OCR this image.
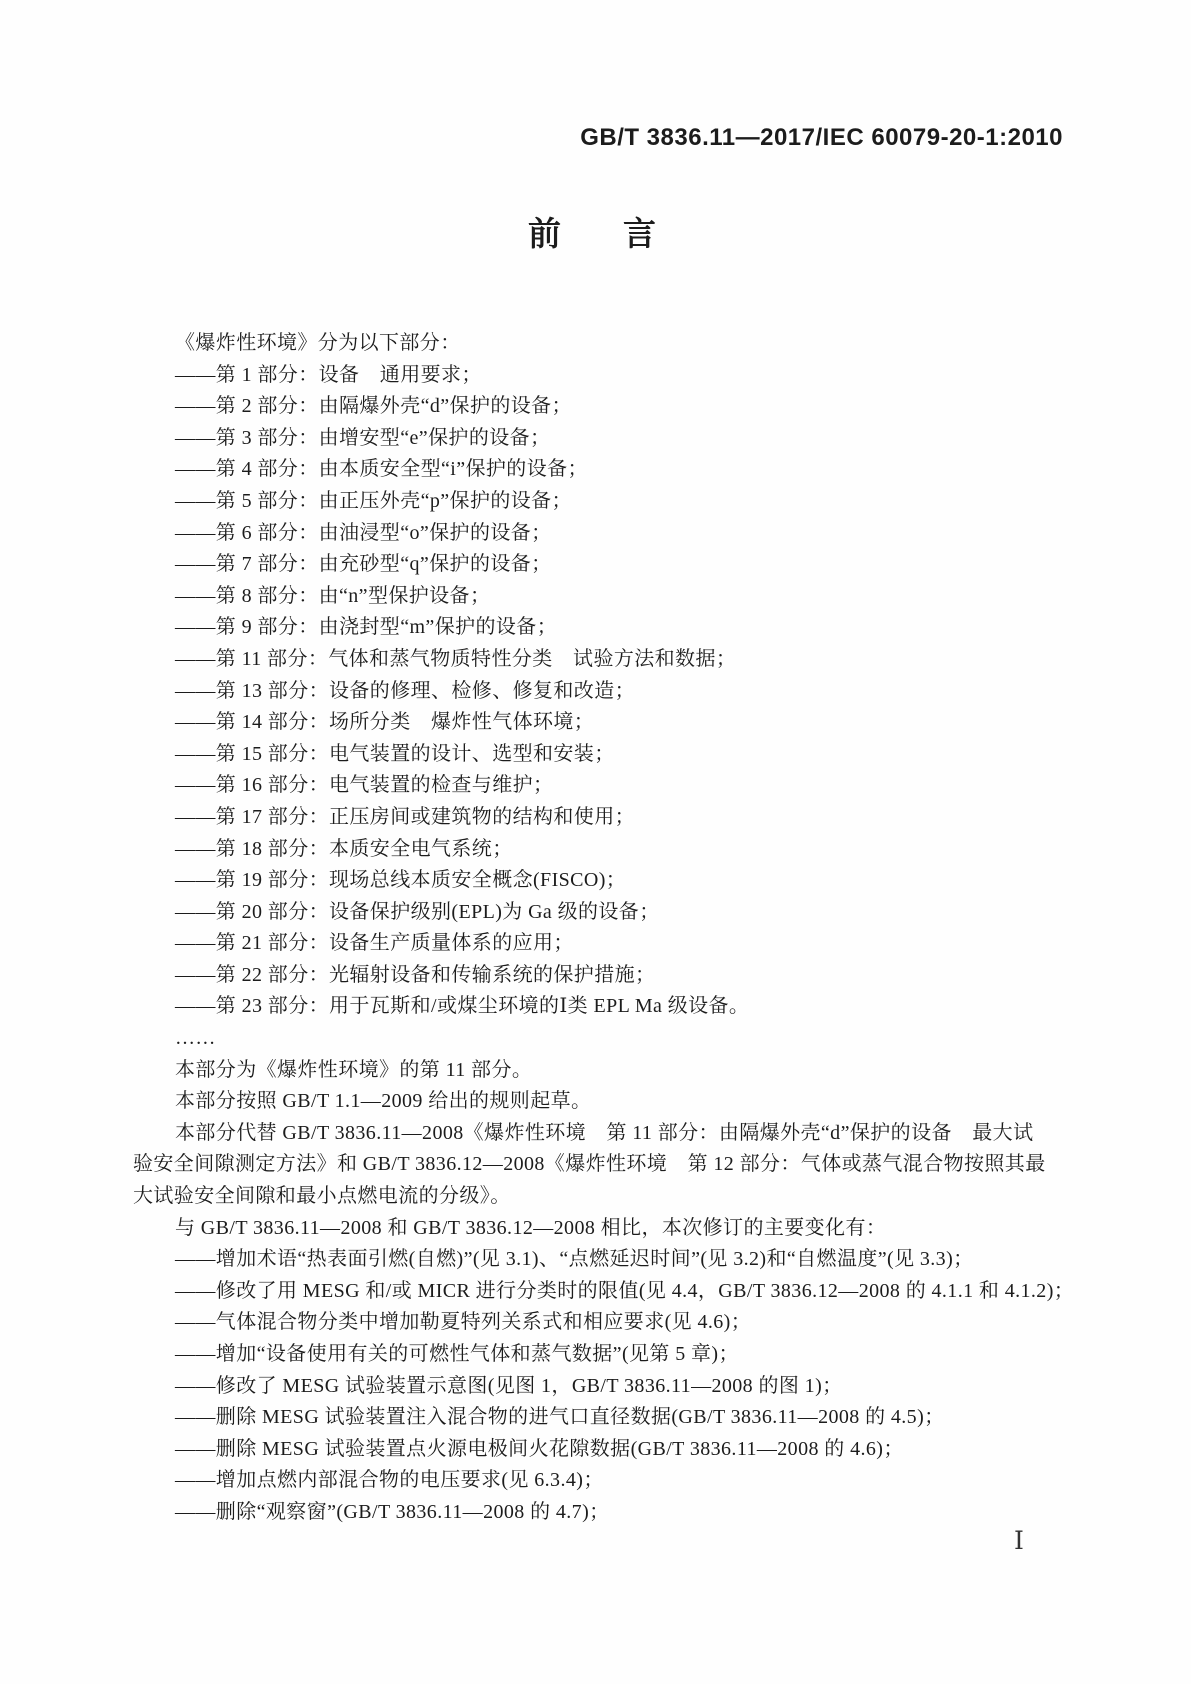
GB/T 3836.11—2017/IEC 60079-20-1:2010
前 言
《爆炸性环境》分为以下部分：
——第 1 部分：设备　通用要求；
——第 2 部分：由隔爆外壳“d”保护的设备；
——第 3 部分：由增安型“e”保护的设备；
——第 4 部分：由本质安全型“i”保护的设备；
——第 5 部分：由正压外壳“p”保护的设备；
——第 6 部分：由油浸型“o”保护的设备；
——第 7 部分：由充砂型“q”保护的设备；
——第 8 部分：由“n”型保护设备；
——第 9 部分：由浇封型“m”保护的设备；
——第 11 部分：气体和蒸气物质特性分类　试验方法和数据；
——第 13 部分：设备的修理、检修、修复和改造；
——第 14 部分：场所分类　爆炸性气体环境；
——第 15 部分：电气装置的设计、选型和安装；
——第 16 部分：电气装置的检查与维护；
——第 17 部分：正压房间或建筑物的结构和使用；
——第 18 部分：本质安全电气系统；
——第 19 部分：现场总线本质安全概念(FISCO)；
——第 20 部分：设备保护级别(EPL)为 Ga 级的设备；
——第 21 部分：设备生产质量体系的应用；
——第 22 部分：光辐射设备和传输系统的保护措施；
——第 23 部分：用于瓦斯和/或煤尘环境的Ⅰ类 EPL Ma 级设备。
……
本部分为《爆炸性环境》的第 11 部分。
本部分按照 GB/T 1.1—2009 给出的规则起草。
本部分代替 GB/T 3836.11—2008《爆炸性环境　第 11 部分：由隔爆外壳“d”保护的设备　最大试
验安全间隙测定方法》和 GB/T 3836.12—2008《爆炸性环境　第 12 部分：气体或蒸气混合物按照其最
大试验安全间隙和最小点燃电流的分级》。
与 GB/T 3836.11—2008 和 GB/T 3836.12—2008 相比，本次修订的主要变化有：
——增加术语“热表面引燃(自燃)”(见 3.1)、“点燃延迟时间”(见 3.2)和“自燃温度”(见 3.3)；
——修改了用 MESG 和/或 MICR 进行分类时的限值(见 4.4，GB/T 3836.12—2008 的 4.1.1 和 4.1.2)；
——气体混合物分类中增加勒夏特列关系式和相应要求(见 4.6)；
——增加“设备使用有关的可燃性气体和蒸气数据”(见第 5 章)；
——修改了 MESG 试验装置示意图(见图 1，GB/T 3836.11—2008 的图 1)；
——删除 MESG 试验装置注入混合物的进气口直径数据(GB/T 3836.11—2008 的 4.5)；
——删除 MESG 试验装置点火源电极间火花隙数据(GB/T 3836.11—2008 的 4.6)；
——增加点燃内部混合物的电压要求(见 6.3.4)；
——删除“观察窗”(GB/T 3836.11—2008 的 4.7)；
Ⅰ
